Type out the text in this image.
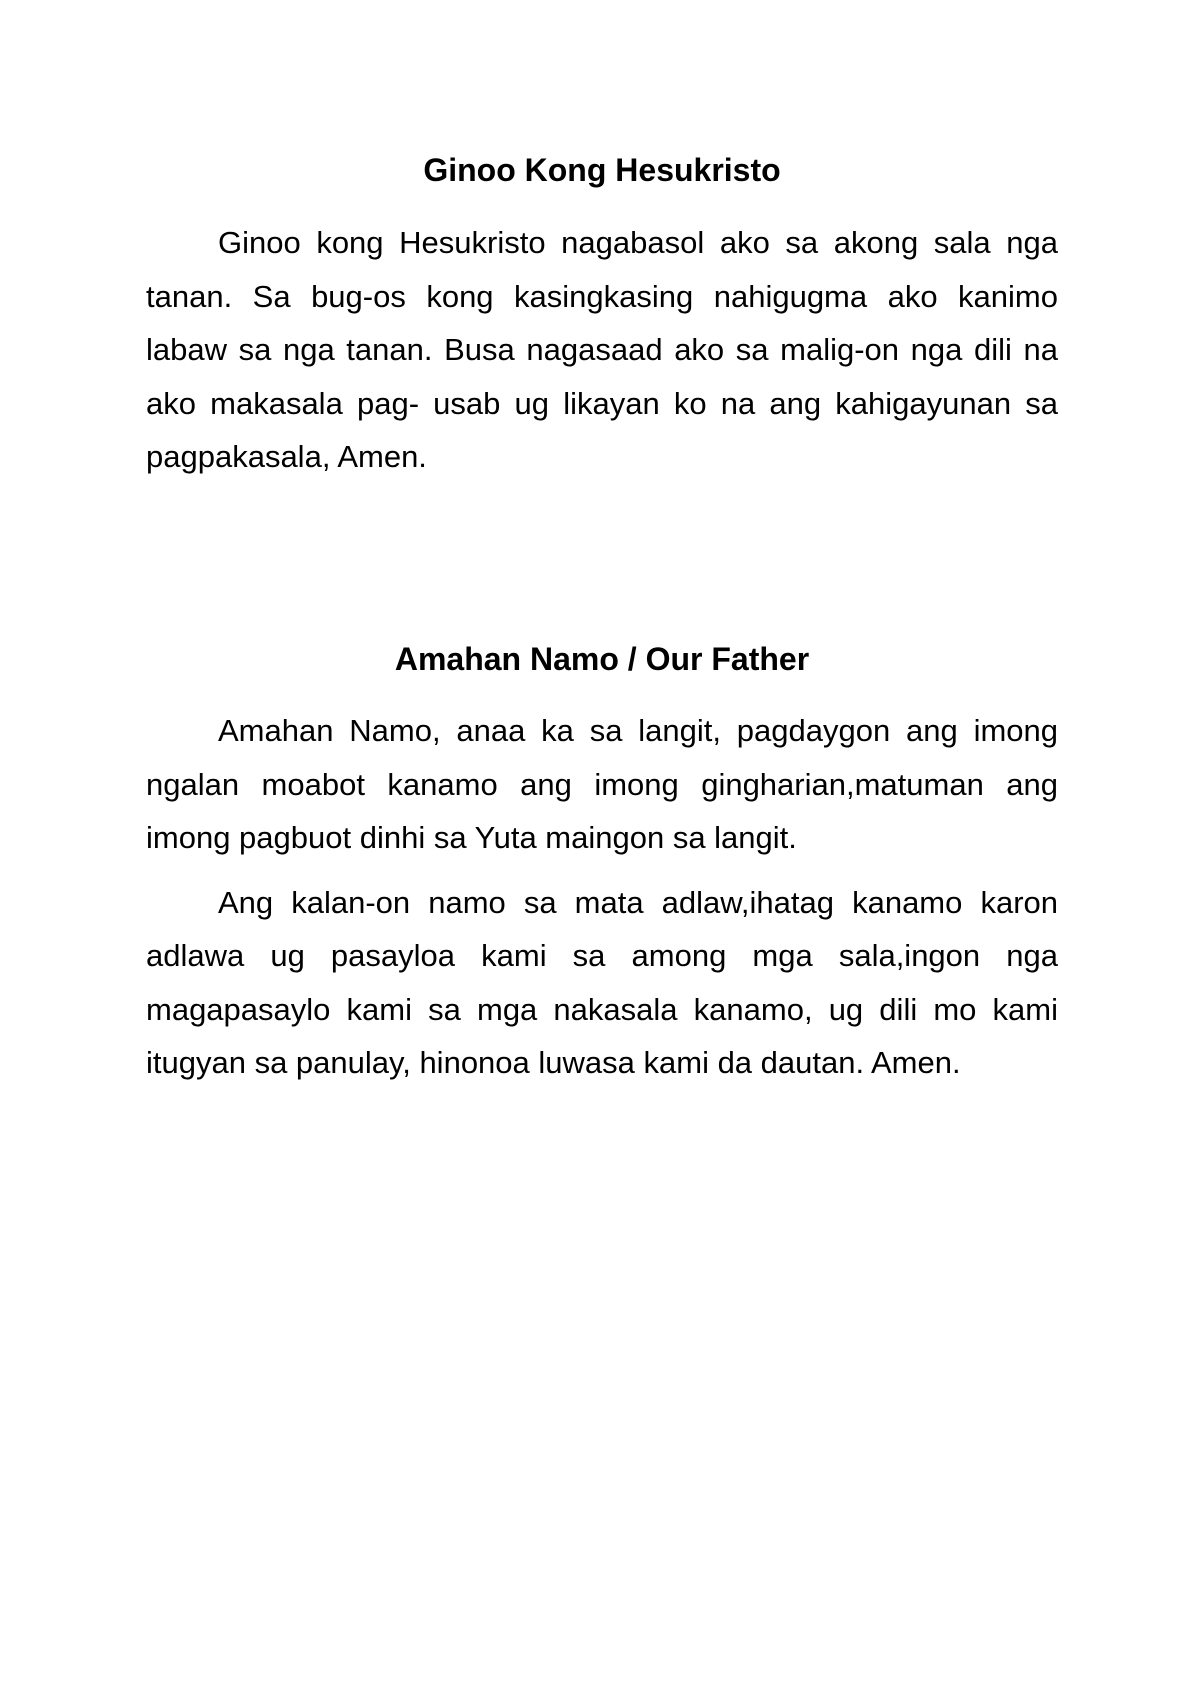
Ginoo Kong Hesukristo

Ginoo kong Hesukristo nagabasol ako sa akong sala nga tanan. Sa bug-os kong kasingkasing nahigugma ako kanimo labaw sa nga tanan. Busa nagasaad ako sa malig-on nga dili na ako makasala pag- usab ug likayan ko na ang kahigayunan sa pagpakasala, Amen.

Amahan Namo / Our Father

Amahan Namo, anaa ka sa langit, pagdaygon ang imong ngalan moabot kanamo ang imong gingharian,matuman ang imong pagbuot dinhi sa Yuta maingon sa langit.

Ang kalan-on namo sa mata adlaw,ihatag kanamo karon adlawa ug pasayloa kami sa among mga sala,ingon nga magapasaylo kami sa mga nakasala kanamo, ug dili mo kami itugyan sa panulay, hinonoa luwasa kami da dautan. Amen.
